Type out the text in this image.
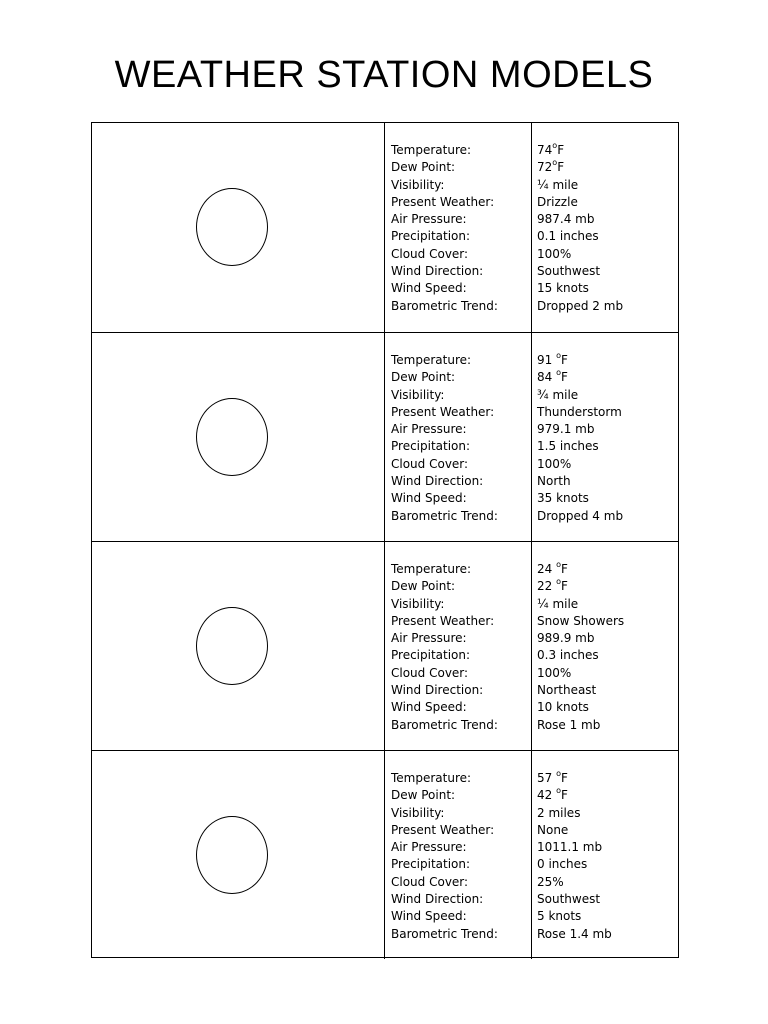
WEATHER STATION MODELS
Temperature:
Dew Point:
Visibility:
Present Weather:
Air Pressure:
Precipitation:
Cloud Cover:
Wind Direction:
Wind Speed:
Barometric Trend:
74$^o$F
72$^o$F
¼ mile
Drizzle
987.4 mb
0.1 inches
100%
Southwest
15 knots
Dropped 2 mb
Temperature:
Dew Point:
Visibility:
Present Weather:
Air Pressure:
Precipitation:
Cloud Cover:
Wind Direction:
Wind Speed:
Barometric Trend:
91 $^o$F
84 $^o$F
¾ mile
Thunderstorm
979.1 mb
1.5 inches
100%
North
35 knots
Dropped 4 mb
Temperature:
Dew Point:
Visibility:
Present Weather:
Air Pressure:
Precipitation:
Cloud Cover:
Wind Direction:
Wind Speed:
Barometric Trend:
24 $^o$F
22 $^o$F
¼ mile
Snow Showers
989.9 mb
0.3 inches
100%
Northeast
10 knots
Rose 1 mb
Temperature:
Dew Point:
Visibility:
Present Weather:
Air Pressure:
Precipitation:
Cloud Cover:
Wind Direction:
Wind Speed:
Barometric Trend:
57 $^o$F
42 $^o$F
2 miles
None
1011.1 mb
0 inches
25%
Southwest
5 knots
Rose 1.4 mb
